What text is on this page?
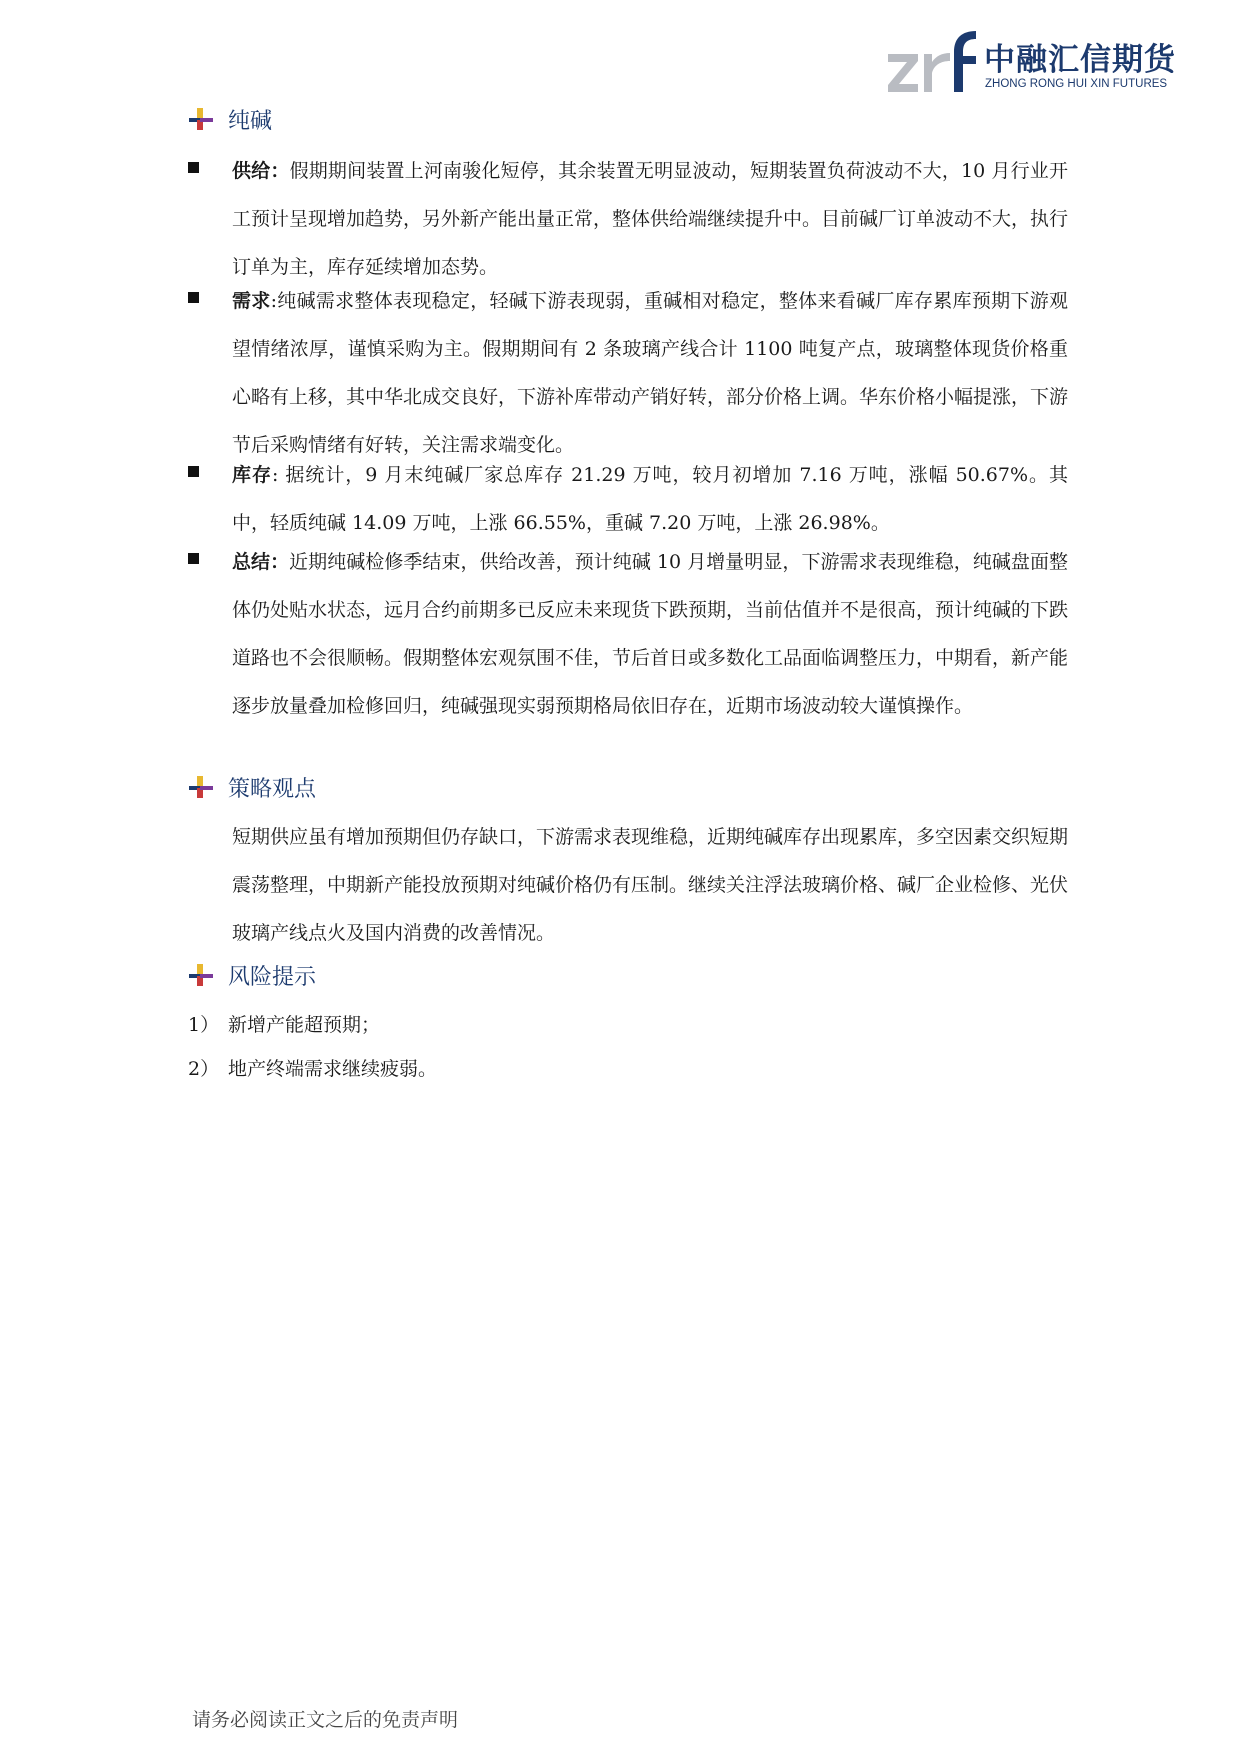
中融汇信期货
ZHONG RONG HUI XIN FUTURES
纯碱
供给：假期期间装置上河南骏化短停，其余装置无明显波动，短期装置负荷波动不大，10 月行业开工预计呈现增加趋势，另外新产能出量正常，整体供给端继续提升中。目前碱厂订单波动不大，执行订单为主，库存延续增加态势。
需求:纯碱需求整体表现稳定，轻碱下游表现弱，重碱相对稳定，整体来看碱厂库存累库预期下游观望情绪浓厚，谨慎采购为主。假期期间有 2 条玻璃产线合计 1100 吨复产点，玻璃整体现货价格重心略有上移，其中华北成交良好，下游补库带动产销好转，部分价格上调。华东价格小幅提涨，下游节后采购情绪有好转，关注需求端变化。
库存: 据统计，9 月末纯碱厂家总库存 21.29 万吨，较月初增加 7.16 万吨，涨幅 50.67%。其中，轻质纯碱 14.09 万吨，上涨 66.55%，重碱 7.20 万吨，上涨 26.98%。
总结：近期纯碱检修季结束，供给改善，预计纯碱 10 月增量明显，下游需求表现维稳，纯碱盘面整体仍处贴水状态，远月合约前期多已反应未来现货下跌预期，当前估值并不是很高，预计纯碱的下跌道路也不会很顺畅。假期整体宏观氛围不佳，节后首日或多数化工品面临调整压力，中期看，新产能逐步放量叠加检修回归，纯碱强现实弱预期格局依旧存在，近期市场波动较大谨慎操作。
策略观点
短期供应虽有增加预期但仍存缺口，下游需求表现维稳，近期纯碱库存出现累库，多空因素交织短期震荡整理，中期新产能投放预期对纯碱价格仍有压制。继续关注浮法玻璃价格、碱厂企业检修、光伏玻璃产线点火及国内消费的改善情况。
风险提示
1） 新增产能超预期；
2） 地产终端需求继续疲弱。
请务必阅读正文之后的免责声明
